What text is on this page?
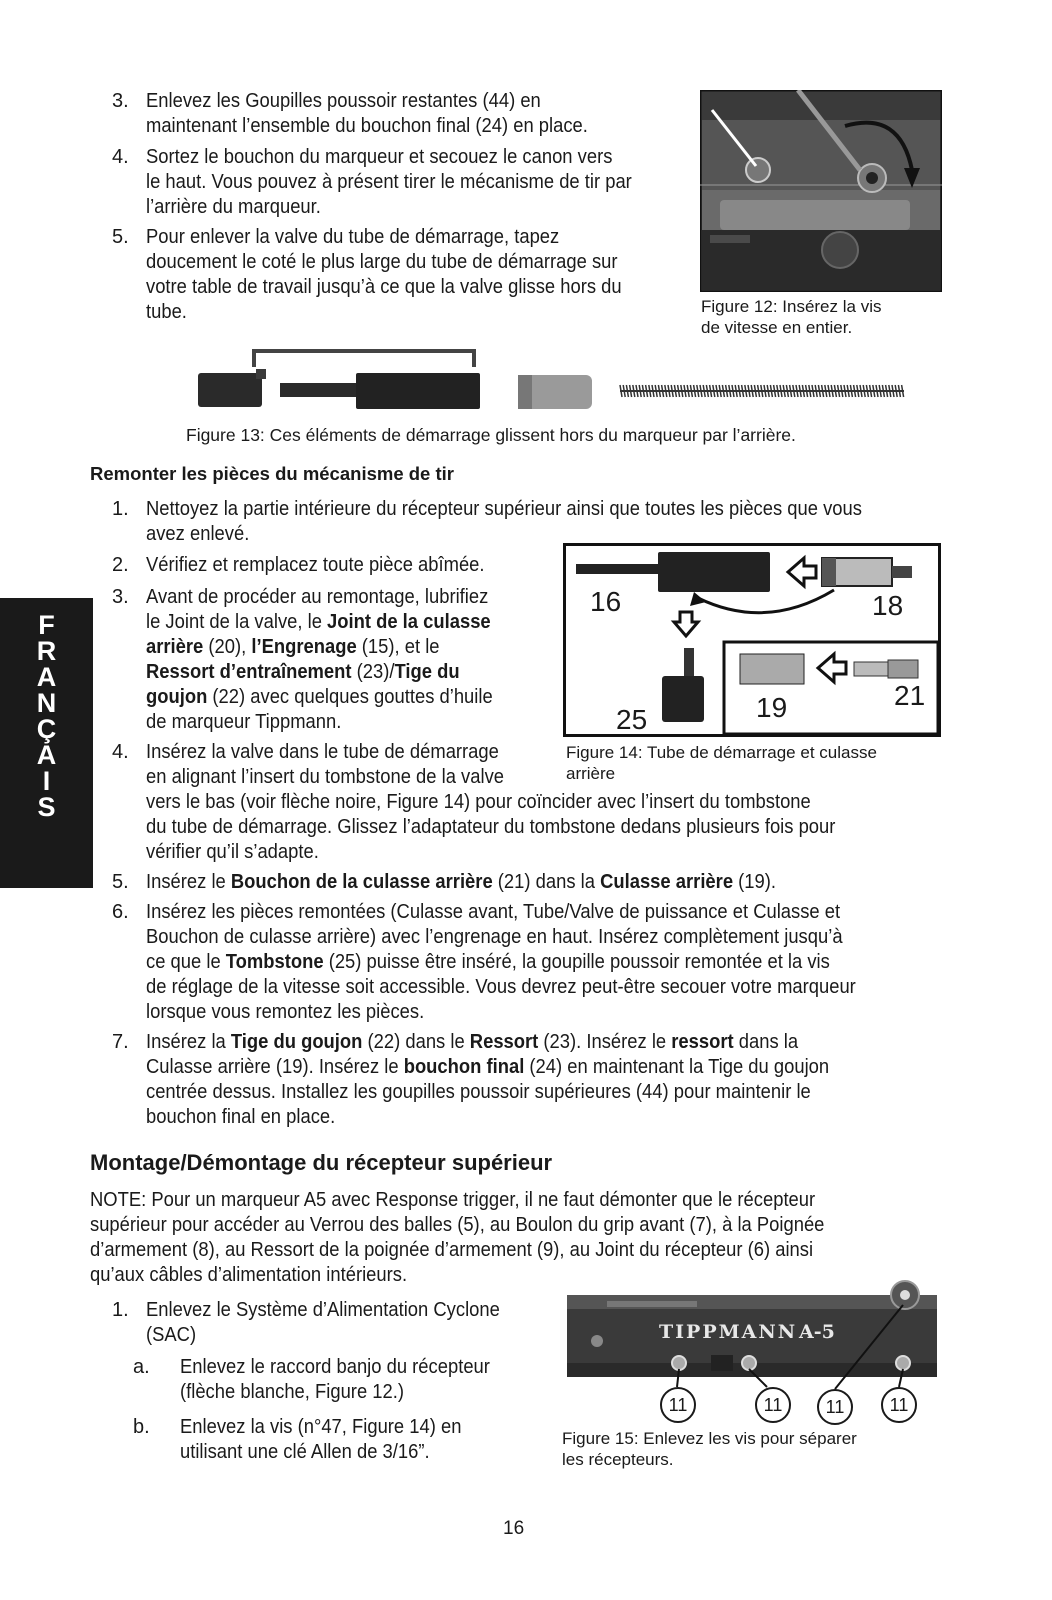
3. Enlevez les Goupilles poussoir restantes (44) en
maintenant l’ensemble du bouchon final (24) en place.
4. Sortez le bouchon du marqueur et secouez le canon vers
le haut. Vous pouvez à présent tirer le mécanisme de tir par
l’arrière du marqueur.
5. Pour enlever la valve du tube de démarrage, tapez
doucement le coté le plus large du tube de démarrage sur
votre table de travail jusqu’à ce que la valve glisse hors du
tube.	Figure 12: Insérez la vis
de vitesse en entier.
Figure 13: Ces éléments de démarrage glissent hors du marqueur par l’arrière.
Remonter les pièces du mécanisme de tir
1. Nettoyez la partie intérieure du récepteur supérieur ainsi que toutes les pièces que vous
avez enlevé.
2. Vérifiez et remplacez toute pièce abîmée.
3. Avant de procéder au remontage, lubrifiez
le Joint de la valve, le Joint de la culasse
arrière (20), l’Engrenage (15), et le
Ressort d’entraînement (23)/Tige du
goujon (22) avec quelques gouttes d’huile
de marqueur Tippmann.
4. Insérez la valve dans le tube de démarrage
en alignant l’insert du tombstone de la valve
vers le bas (voir flèche noire, Figure 14) pour coïncider avec l’insert du tombstone
du tube de démarrage. Glissez l’adaptateur du tombstone dedans plusieurs fois pour
vérifier qu’il s’adapte.
5. Insérez le Bouchon de la culasse arrière (21) dans la Culasse arrière (19).
6. Insérez les pièces remontées (Culasse avant, Tube/Valve de puissance et Culasse et
Bouchon de culasse arrière) avec l’engrenage en haut. Insérez complètement jusqu’à
ce que le Tombstone (25) puisse être inséré, la goupille poussoir remontée et la vis
de réglage de la vitesse soit accessible. Vous devrez peut-être secouer votre marqueur
lorsque vous remontez les pièces.
7. Insérez la Tige du goujon (22) dans le Ressort (23). Insérez le ressort dans la
Culasse arrière (19). Insérez le bouchon final (24) en maintenant la Tige du goujon
centrée dessus. Installez les goupilles poussoir supérieures (44) pour maintenir le
bouchon final en place.
16	18
25	19	21
Figure 14: Tube de démarrage et culasse
arrière
Montage/Démontage du récepteur supérieur
NOTE: Pour un marqueur A5 avec Response trigger, il ne faut démonter que le récepteur
supérieur pour accéder au Verrou des balles (5), au Boulon du grip avant (7), à la Poignée
d’armement (8), au Ressort de la poignée d’armement (9), au Joint du récepteur (6) ainsi
qu’aux câbles d’alimentation intérieurs.
1. Enlevez le Système d’Alimentation Cyclone
(SAC)
a. Enlevez le raccord banjo du récepteur
(flèche blanche, Figure 12.)
b. Enlevez la vis (n°47, Figure 14) en
utilisant une clé Allen de 3/16”.
TIPPMANN A-5
11	11	11	11
Figure 15: Enlevez les vis pour séparer
les récepteurs.
F
R
A
N
Ç
A
I
S
16
